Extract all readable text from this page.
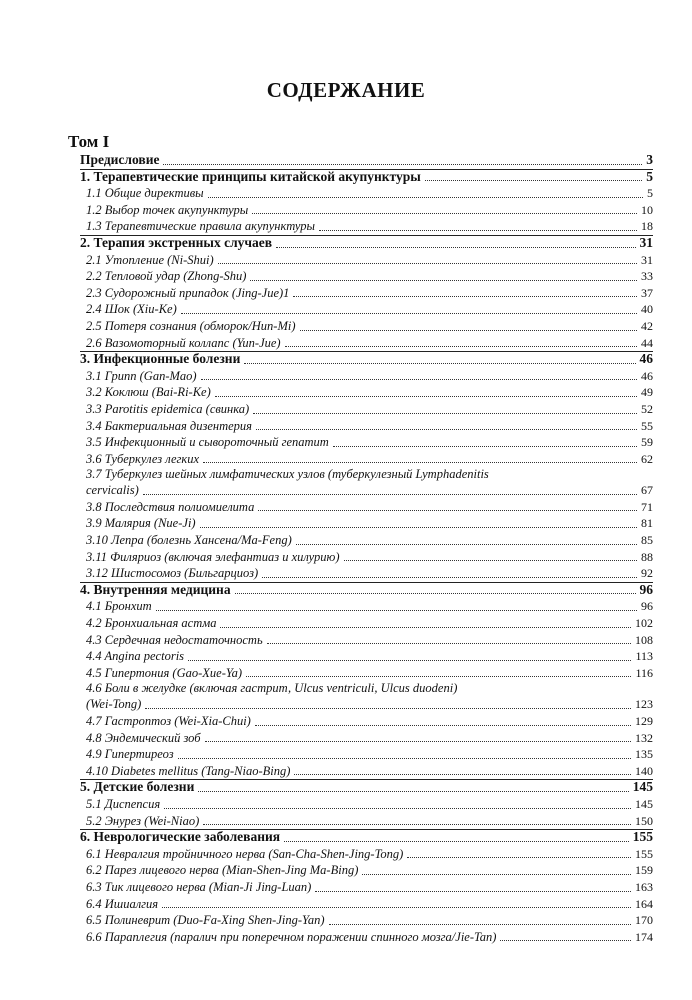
СОДЕРЖАНИЕ
Том I
Предисловие	3
1. Терапевтические принципы китайской акупунктуры	5
1.1 Общие директивы	5
1.2 Выбор точек акупунктуры	10
1.3 Терапевтические правила акупунктуры	18
2. Терапия экстренных случаев	31
2.1 Утопление (Ni-Shui)	31
2.2 Тепловой удар (Zhong-Shu)	33
2.3 Судорожный припадок (Jing-Jue)1	37
2.4 Шок (Xiu-Ke)	40
2.5 Потеря сознания (обморок/Hun-Mi)	42
2.6 Вазомоторный коллапс (Yun-Jue)	44
3. Инфекционные болезни	46
3.1 Грипп (Gan-Mao)	46
3.2 Коклюш (Bai-Ri-Ke)	49
3.3 Parotitis epidemica (свинка)	52
3.4 Бактериальная дизентерия	55
3.5 Инфекционный и сывороточный гепатит	59
3.6 Туберкулез легких	62
3.7 Туберкулез шейных лимфатических узлов (туберкулезный Lymphadenitis
cervicalis)	67
3.8 Последствия полиомиелита	71
3.9 Малярия (Nue-Ji)	81
3.10 Лепра (болезнь Хансена/Ma-Feng)	85
3.11 Филяриоз (включая элефантиаз и хилурию)	88
3.12 Шистосомоз (Бильгарциоз)	92
4. Внутренняя медицина	96
4.1 Бронхит	96
4.2 Бронхиальная астма	102
4.3 Сердечная недостаточность	108
4.4 Angina pectoris	113
4.5 Гипертония (Gao-Xue-Ya)	116
4.6 Боли в желудке (включая гастрит, Ulcus ventriculi, Ulcus duodeni)
(Wei-Tong)	123
4.7 Гастроптоз (Wei-Xia-Chui)	129
4.8 Эндемический зоб	132
4.9 Гипертиреоз	135
4.10 Diabetes mellitus (Tang-Niao-Bing)	140
5. Детские болезни	145
5.1 Диспепсия	145
5.2 Энурез (Wei-Niao)	150
6. Неврологические заболевания	155
6.1 Невралгия тройничного нерва (San-Cha-Shen-Jing-Tong)	155
6.2 Парез лицевого нерва (Mian-Shen-Jing Ma-Bing)	159
6.3 Тик лицевого нерва (Mian-Ji Jing-Luan)	163
6.4 Ишиалгия	164
6.5 Полиневрит (Duo-Fa-Xing Shen-Jing-Yan)	170
6.6 Параплегия (паралич при поперечном поражении спинного мозга/Jie-Tan)	174
